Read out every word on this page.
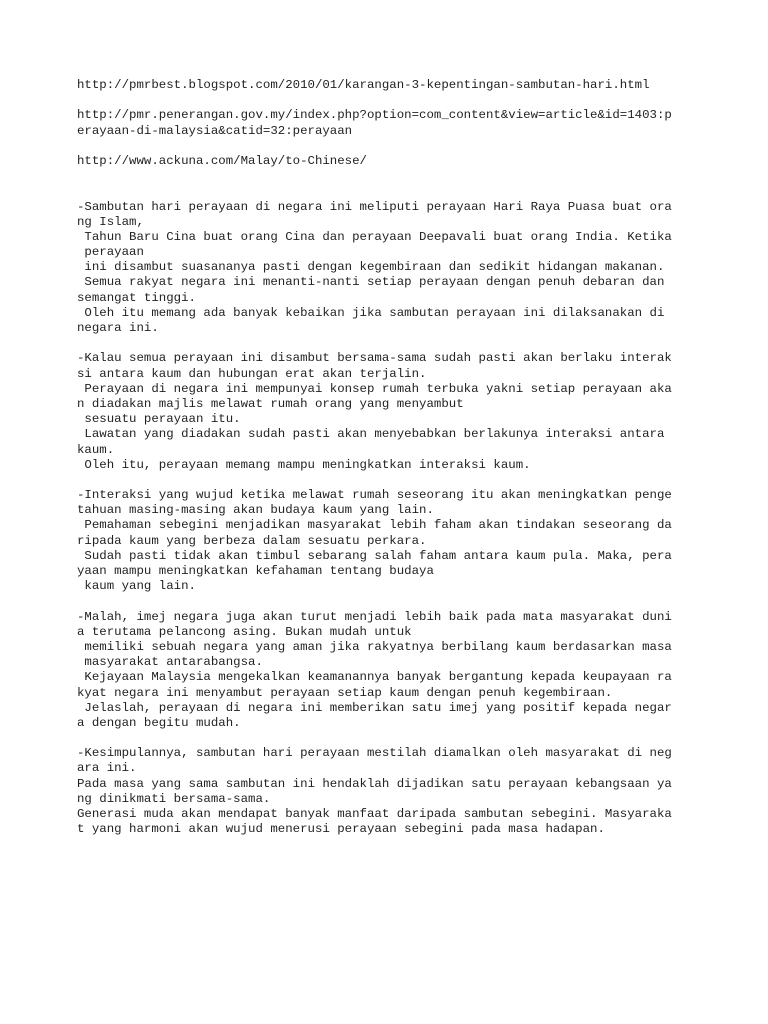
http://pmrbest.blogspot.com/2010/01/karangan-3-kepentingan-sambutan-hari.html
http://pmr.penerangan.gov.my/index.php?option=com_content&view=article&id=1403:p
erayaan-di-malaysia&catid=32:perayaan
http://www.ackuna.com/Malay/to-Chinese/
-Sambutan hari perayaan di negara ini meliputi perayaan Hari Raya Puasa buat ora
ng Islam,
Tahun Baru Cina buat orang Cina dan perayaan Deepavali buat orang India. Ketika
perayaan
ini disambut suasananya pasti dengan kegembiraan dan sedikit hidangan makanan.
Semua rakyat negara ini menanti-nanti setiap perayaan dengan penuh debaran dan
semangat tinggi.
Oleh itu memang ada banyak kebaikan jika sambutan perayaan ini dilaksanakan di
negara ini.
-Kalau semua perayaan ini disambut bersama-sama sudah pasti akan berlaku interak
si antara kaum dan hubungan erat akan terjalin.
Perayaan di negara ini mempunyai konsep rumah terbuka yakni setiap perayaan aka
n diadakan majlis melawat rumah orang yang menyambut
sesuatu perayaan itu.
Lawatan yang diadakan sudah pasti akan menyebabkan berlakunya interaksi antara
kaum.
Oleh itu, perayaan memang mampu meningkatkan interaksi kaum.
-Interaksi yang wujud ketika melawat rumah seseorang itu akan meningkatkan penge
tahuan masing-masing akan budaya kaum yang lain.
Pemahaman sebegini menjadikan masyarakat lebih faham akan tindakan seseorang da
ripada kaum yang berbeza dalam sesuatu perkara.
Sudah pasti tidak akan timbul sebarang salah faham antara kaum pula. Maka, pera
yaan mampu meningkatkan kefahaman tentang budaya
kaum yang lain.
-Malah, imej negara juga akan turut menjadi lebih baik pada mata masyarakat duni
a terutama pelancong asing. Bukan mudah untuk
memiliki sebuah negara yang aman jika rakyatnya berbilang kaum berdasarkan masa
masyarakat antarabangsa.
Kejayaan Malaysia mengekalkan keamanannya banyak bergantung kepada keupayaan ra
kyat negara ini menyambut perayaan setiap kaum dengan penuh kegembiraan.
Jelaslah, perayaan di negara ini memberikan satu imej yang positif kepada negar
a dengan begitu mudah.
-Kesimpulannya, sambutan hari perayaan mestilah diamalkan oleh masyarakat di neg
ara ini.
Pada masa yang sama sambutan ini hendaklah dijadikan satu perayaan kebangsaan ya
ng dinikmati bersama-sama.
Generasi muda akan mendapat banyak manfaat daripada sambutan sebegini. Masyaraka
t yang harmoni akan wujud menerusi perayaan sebegini pada masa hadapan.
